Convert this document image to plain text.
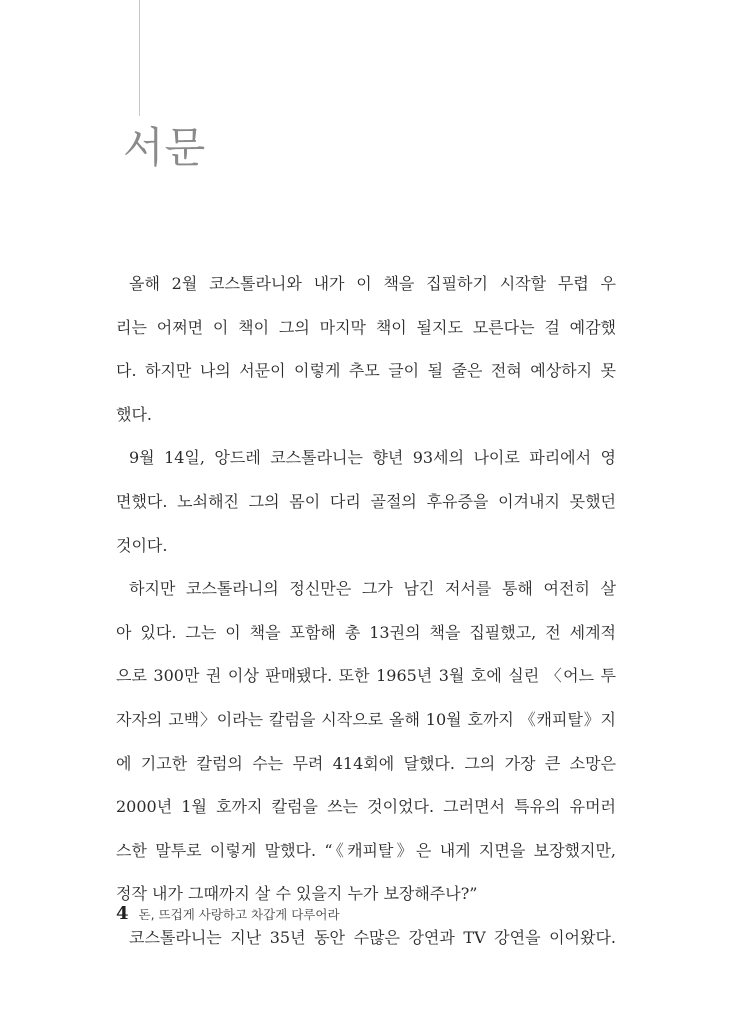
서문
올해 2월 코스톨라니와 내가 이 책을 집필하기 시작할 무렵 우
리는 어쩌면 이 책이 그의 마지막 책이 될지도 모른다는 걸 예감했
다. 하지만 나의 서문이 이렇게 추모 글이 될 줄은 전혀 예상하지 못
했다.
9월 14일, 앙드레 코스톨라니는 향년 93세의 나이로 파리에서 영
면했다. 노쇠해진 그의 몸이 다리 골절의 후유증을 이겨내지 못했던
것이다.
하지만 코스톨라니의 정신만은 그가 남긴 저서를 통해 여전히 살
아 있다. 그는 이 책을 포함해 총 13권의 책을 집필했고, 전 세계적
으로 300만 권 이상 판매됐다. 또한 1965년 3월 호에 실린 〈어느 투
자자의 고백〉이라는 칼럼을 시작으로 올해 10월 호까지 《캐피탈》지
에 기고한 칼럼의 수는 무려 414회에 달했다. 그의 가장 큰 소망은
2000년 1월 호까지 칼럼을 쓰는 것이었다. 그러면서 특유의 유머러
스한 말투로 이렇게 말했다. “《캐피탈》은 내게 지면을 보장했지만,
정작 내가 그때까지 살 수 있을지 누가 보장해주나?”
코스톨라니는 지난 35년 동안 수많은 강연과 TV 강연을 이어왔다.
4 돈, 뜨겁게 사랑하고 차갑게 다루어라
